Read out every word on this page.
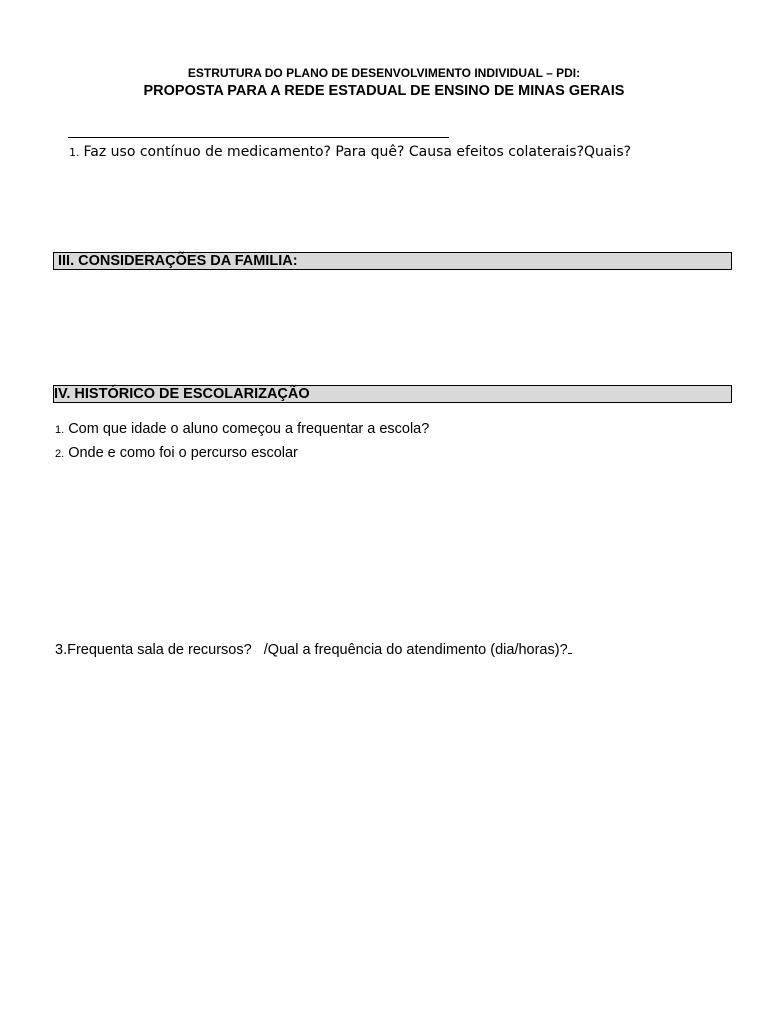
ESTRUTURA DO PLANO DE DESENVOLVIMENTO INDIVIDUAL – PDI:
PROPOSTA PARA A REDE ESTADUAL DE ENSINO DE MINAS GERAIS
1. Faz uso contínuo de medicamento? Para quê? Causa efeitos colaterais?Quais?
III. CONSIDERAÇÕES DA FAMILIA:
IV. HISTÓRICO DE ESCOLARIZAÇÃO
1. Com que idade o aluno começou a frequentar a escola?
2. Onde e como foi o percurso escolar
3.Frequenta sala de recursos?   /Qual a frequência do atendimento (dia/horas)?
